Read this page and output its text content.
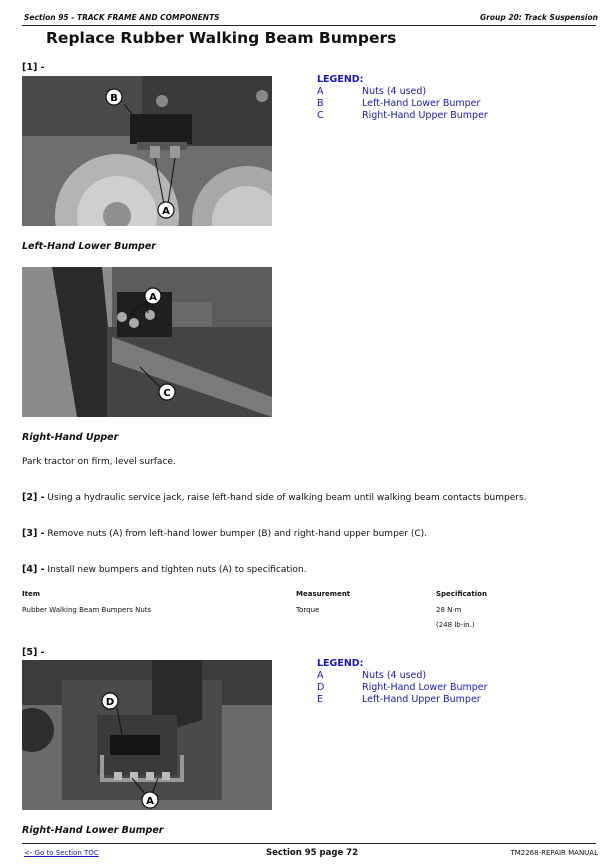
Section 95 - TRACK FRAME AND COMPONENTS	Group 20: Track Suspension
Replace Rubber Walking Beam Bumpers
[1] -
B
A
LEGEND:
A	Nuts (4 used)
B	Left-Hand Lower Bumper
C	Right-Hand Upper Bumper
Left-Hand Lower Bumper
A
C
Right-Hand Upper
Park tractor on firm, level surface.
[2] - Using a hydraulic service jack, raise left-hand side of walking beam until walking beam contacts bumpers.
[3] - Remove nuts (A) from left-hand lower bumper (B) and right-hand upper bumper (C).
[4] - Install new bumpers and tighten nuts (A) to specification.
Item	Measurement	Specification
Rubber Walking Beam Bumpers Nuts	Torque	28 N·m
(248 lb-in.)
[5] -
D
A
LEGEND:
A	Nuts (4 used)
D	Right-Hand Lower Bumper
E	Left-Hand Upper Bumper
Right-Hand Lower Bumper
<- Go to Section TOC	Section 95 page 72	TM2268-REPAIR MANUAL
